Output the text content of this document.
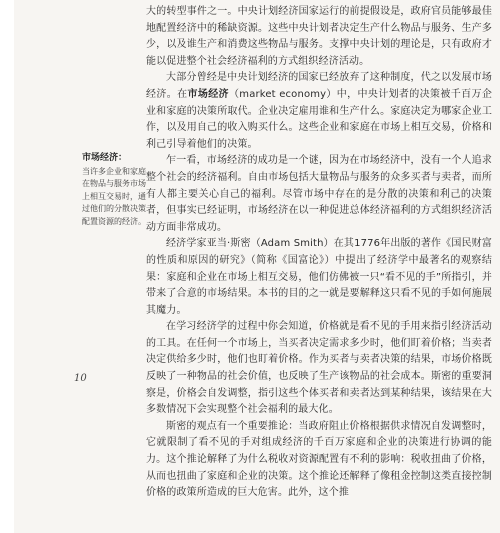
市场经济：
当许多企业和家庭在物品与服务市场上相互交易时，通过他们的分散决策配置资源的经济。
10

大的转型事件之一。中央计划经济国家运行的前提假设是，政府官员能够最佳地配置经济中的稀缺资源。这些中央计划者决定生产什么物品与服务、生产多少，以及谁生产和消费这些物品与服务。支撑中央计划的理论是，只有政府才能以促进整个社会经济福利的方式组织经济活动。

大部分曾经是中央计划经济的国家已经放弃了这种制度，代之以发展市场经济。在市场经济（market economy）中，中央计划者的决策被千百万企业和家庭的决策所取代。企业决定雇用谁和生产什么。家庭决定为哪家企业工作，以及用自己的收入购买什么。这些企业和家庭在市场上相互交易，价格和利己引导着他们的决策。

乍一看，市场经济的成功是一个谜，因为在市场经济中，没有一个人追求整个社会的经济福利。自由市场包括大量物品与服务的众多买者与卖者，而所有人都主要关心自己的福利。尽管市场中存在的是分散的决策和利己的决策者，但事实已经证明，市场经济在以一种促进总体经济福利的方式组织经济活动方面非常成功。

经济学家亚当·斯密（Adam Smith）在其1776年出版的著作《国民财富的性质和原因的研究》（简称《国富论》）中提出了经济学中最著名的观察结果：家庭和企业在市场上相互交易，他们仿佛被一只“看不见的手”所指引，并带来了合意的市场结果。本书的目的之一就是要解释这只看不见的手如何施展其魔力。

在学习经济学的过程中你会知道，价格就是看不见的手用来指引经济活动的工具。在任何一个市场上，当买者决定需求多少时，他们盯着价格；当卖者决定供给多少时，他们也盯着价格。作为买者与卖者决策的结果，市场价格既反映了一种物品的社会价值，也反映了生产该物品的社会成本。斯密的重要洞察是，价格会自发调整，指引这些个体买者和卖者达到某种结果，该结果在大多数情况下会实现整个社会福利的最大化。

斯密的观点有一个重要推论：当政府阻止价格根据供求情况自发调整时，它就限制了看不见的手对组成经济的千百万家庭和企业的决策进行协调的能力。这个推论解释了为什么税收对资源配置有不利的影响：税收扭曲了价格，从而也扭曲了家庭和企业的决策。这个推论还解释了像租金控制这类直接控制价格的政策所造成的巨大危害。此外，这个推
